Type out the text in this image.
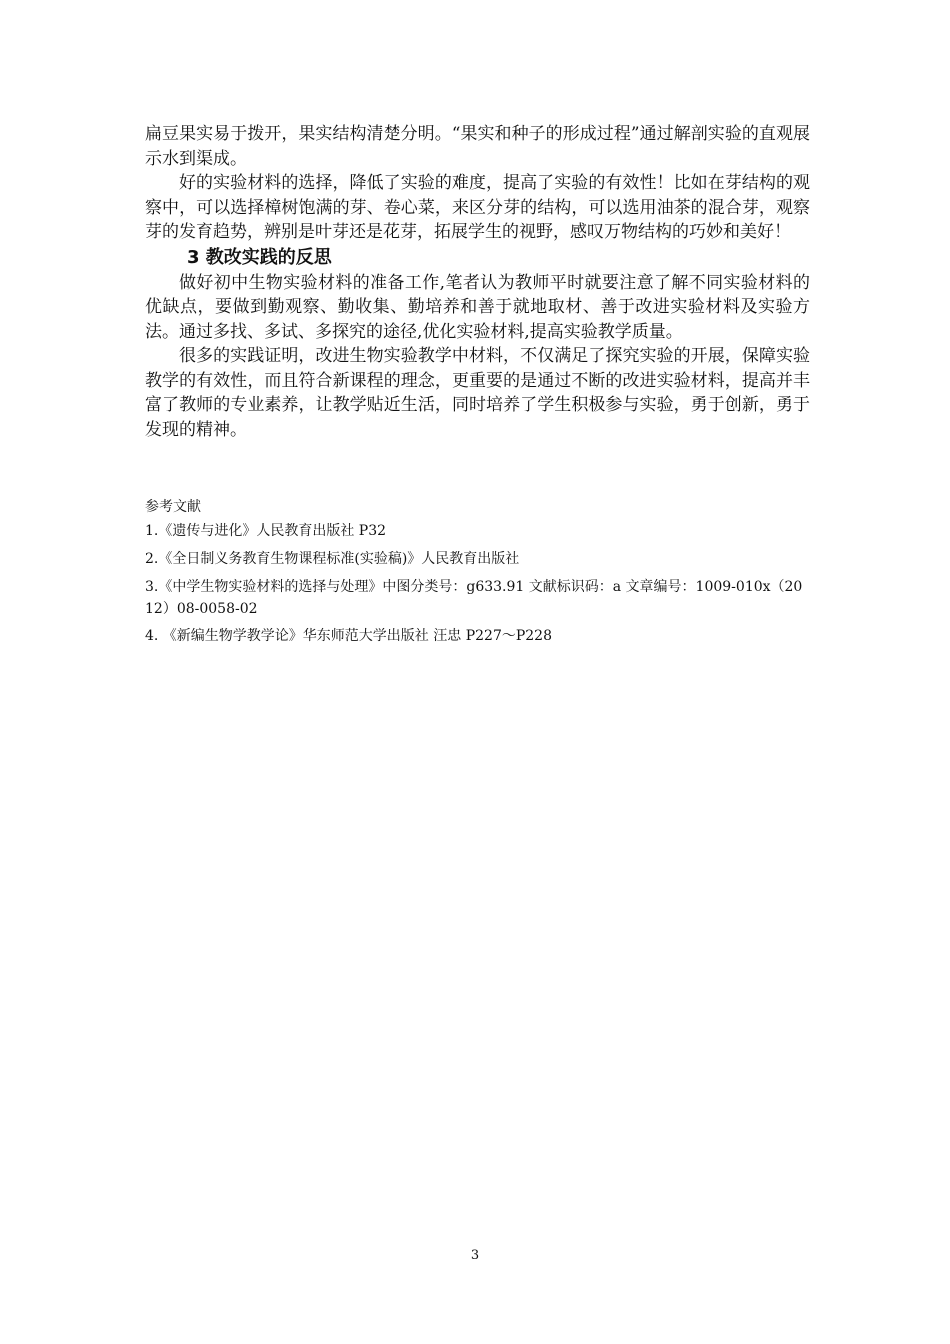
扁豆果实易于拨开，果实结构清楚分明。“果实和种子的形成过程”通过解剖实验的直观展示水到渠成。

好的实验材料的选择，降低了实验的难度，提高了实验的有效性！比如在芽结构的观察中，可以选择樟树饱满的芽、卷心菜，来区分芽的结构，可以选用油茶的混合芽，观察芽的发育趋势，辨别是叶芽还是花芽，拓展学生的视野，感叹万物结构的巧妙和美好！

3 教改实践的反思

做好初中生物实验材料的准备工作,笔者认为教师平时就要注意了解不同实验材料的优缺点，要做到勤观察、勤收集、勤培养和善于就地取材、善于改进实验材料及实验方法。通过多找、多试、多探究的途径,优化实验材料,提高实验教学质量。

很多的实践证明，改进生物实验教学中材料，不仅满足了探究实验的开展，保障实验教学的有效性，而且符合新课程的理念，更重要的是通过不断的改进实验材料，提高并丰富了教师的专业素养，让教学贴近生活，同时培养了学生积极参与实验，勇于创新，勇于发现的精神。

参考文献

1.《遗传与进化》人民教育出版社 P32

2.《全日制义务教育生物课程标准(实验稿)》人民教育出版社

3.《中学生物实验材料的选择与处理》中图分类号：g633.91 文献标识码：a 文章编号：1009-010x（2012）08-0058-02

4. 《新编生物学教学论》华东师范大学出版社 汪忠 P227～P228

3
